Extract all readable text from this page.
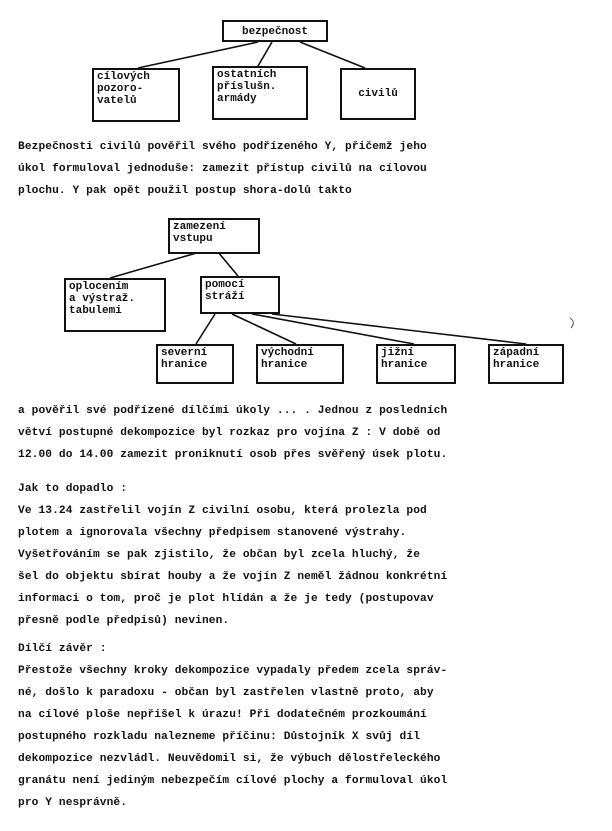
bezpečnost
cílových
pozoro-
vatelů
ostatních
příslušn.
armády	civilů
Bezpečnosti civilů pověřil svého podřízeného Y, přičemž jeho
úkol formuloval jednoduše: zamezit přístup civilů na cílovou
plochu. Y pak opět použil postup shora-dolů takto
zamezení
vstupu
oplocením
a výstraž.
tabulemi
pomocí
stráží
severní
hranice
východní
hranice
jižní
hranice
západní
hranice
a pověřil své podřízené dílčími úkoly ... . Jednou z posledních
větví postupné dekompozice byl rozkaz pro vojína Z : V době od
12.00 do 14.00 zamezit proniknutí osob přes svěřený úsek plotu.
Jak to dopadlo :
Ve 13.24 zastřelil vojín Z civilní osobu, která prolezla pod
plotem a ignorovala všechny předpisem stanovené výstrahy.
Vyšetřováním se pak zjistilo, že občan byl zcela hluchý, že
šel do objektu sbírat houby a že vojín Z neměl žádnou konkrétní
informaci o tom, proč je plot hlídán a že je tedy (postupovav
přesně podle předpisů) nevinen.
Dílčí závěr :
Přestože všechny kroky dekompozice vypadaly předem zcela správ-
né, došlo k paradoxu - občan byl zastřelen vlastně proto, aby
na cílové ploše nepřišel k úrazu! Při dodatečném prozkoumání
postupného rozkladu nalezneme příčinu: Důstojník X svůj díl
dekompozice nezvládl. Neuvědomil si, že výbuch dělostřeleckého
granátu není jediným nebezpečím cílové plochy a formuloval úkol
pro Y nesprávně.
